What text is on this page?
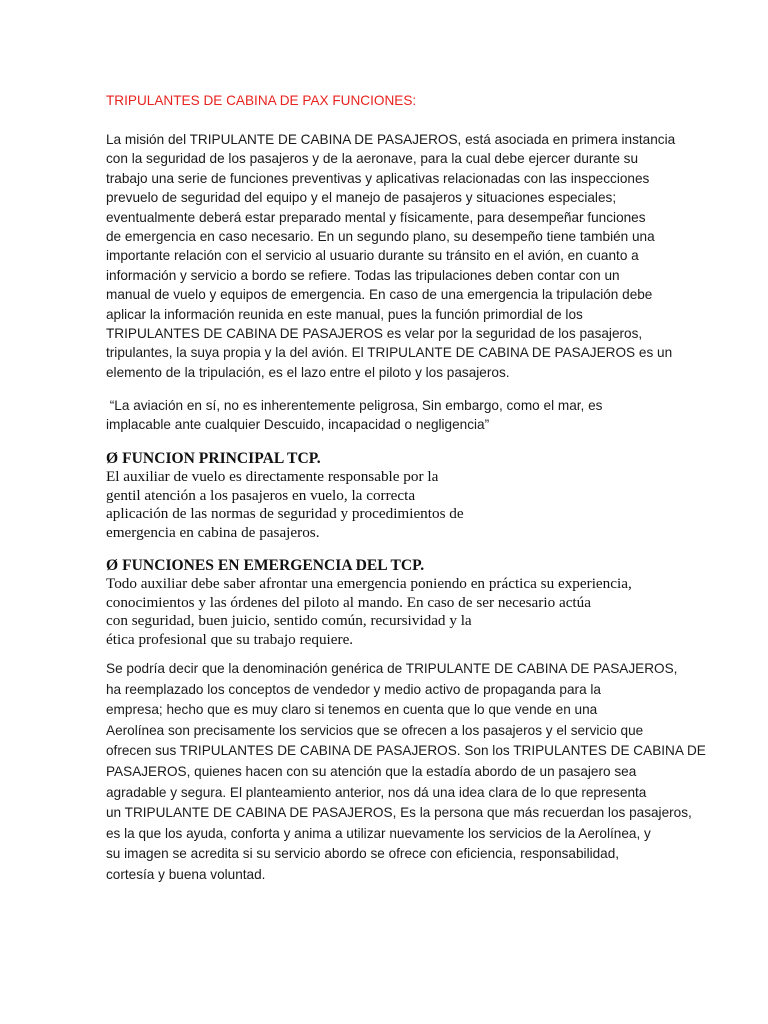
TRIPULANTES DE CABINA DE PAX FUNCIONES:
La misión del TRIPULANTE DE CABINA DE PASAJEROS, está asociada en primera instancia
con la seguridad de los pasajeros y de la aeronave, para la cual debe ejercer durante su
trabajo una serie de funciones preventivas y aplicativas relacionadas con las inspecciones
prevuelo de seguridad del equipo y el manejo de pasajeros y situaciones especiales;
eventualmente deberá estar preparado mental y físicamente, para desempeñar funciones
de emergencia en caso necesario. En un segundo plano, su desempeño tiene también una
importante relación con el servicio al usuario durante su tránsito en el avión, en cuanto a
información y servicio a bordo se refiere. Todas las tripulaciones deben contar con un
manual de vuelo y equipos de emergencia. En caso de una emergencia la tripulación debe
aplicar la información reunida en este manual, pues la función primordial de los
TRIPULANTES DE CABINA DE PASAJEROS es velar por la seguridad de los pasajeros,
tripulantes, la suya propia y la del avión. El TRIPULANTE DE CABINA DE PASAJEROS es un
elemento de la tripulación, es el lazo entre el piloto y los pasajeros.
“La aviación en sí, no es inherentemente peligrosa, Sin embargo, como el mar, es
implacable ante cualquier Descuido, incapacidad o negligencia”
Ø FUNCION PRINCIPAL TCP.
El auxiliar de vuelo es directamente responsable por la
gentil atención a los pasajeros en vuelo, la correcta
aplicación de las normas de seguridad y procedimientos de
emergencia en cabina de pasajeros.
Ø FUNCIONES EN EMERGENCIA DEL TCP.
Todo auxiliar debe saber afrontar una emergencia poniendo en práctica su experiencia,
conocimientos y las órdenes del piloto al mando. En caso de ser necesario actúa
con seguridad, buen juicio, sentido común, recursividad y la
ética profesional que su trabajo requiere.
Se podría decir que la denominación genérica de TRIPULANTE DE CABINA DE PASAJEROS,
ha reemplazado los conceptos de vendedor y medio activo de propaganda para la
empresa; hecho que es muy claro si tenemos en cuenta que lo que vende en una
Aerolínea son precisamente los servicios que se ofrecen a los pasajeros y el servicio que
ofrecen sus TRIPULANTES DE CABINA DE PASAJEROS. Son los TRIPULANTES DE CABINA DE
PASAJEROS, quienes hacen con su atención que la estadía abordo de un pasajero sea
agradable y segura. El planteamiento anterior, nos dá una idea clara de lo que representa
un TRIPULANTE DE CABINA DE PASAJEROS, Es la persona que más recuerdan los pasajeros,
es la que los ayuda, conforta y anima a utilizar nuevamente los servicios de la Aerolínea, y
su imagen se acredita si su servicio abordo se ofrece con eficiencia, responsabilidad,
cortesía y buena voluntad.
